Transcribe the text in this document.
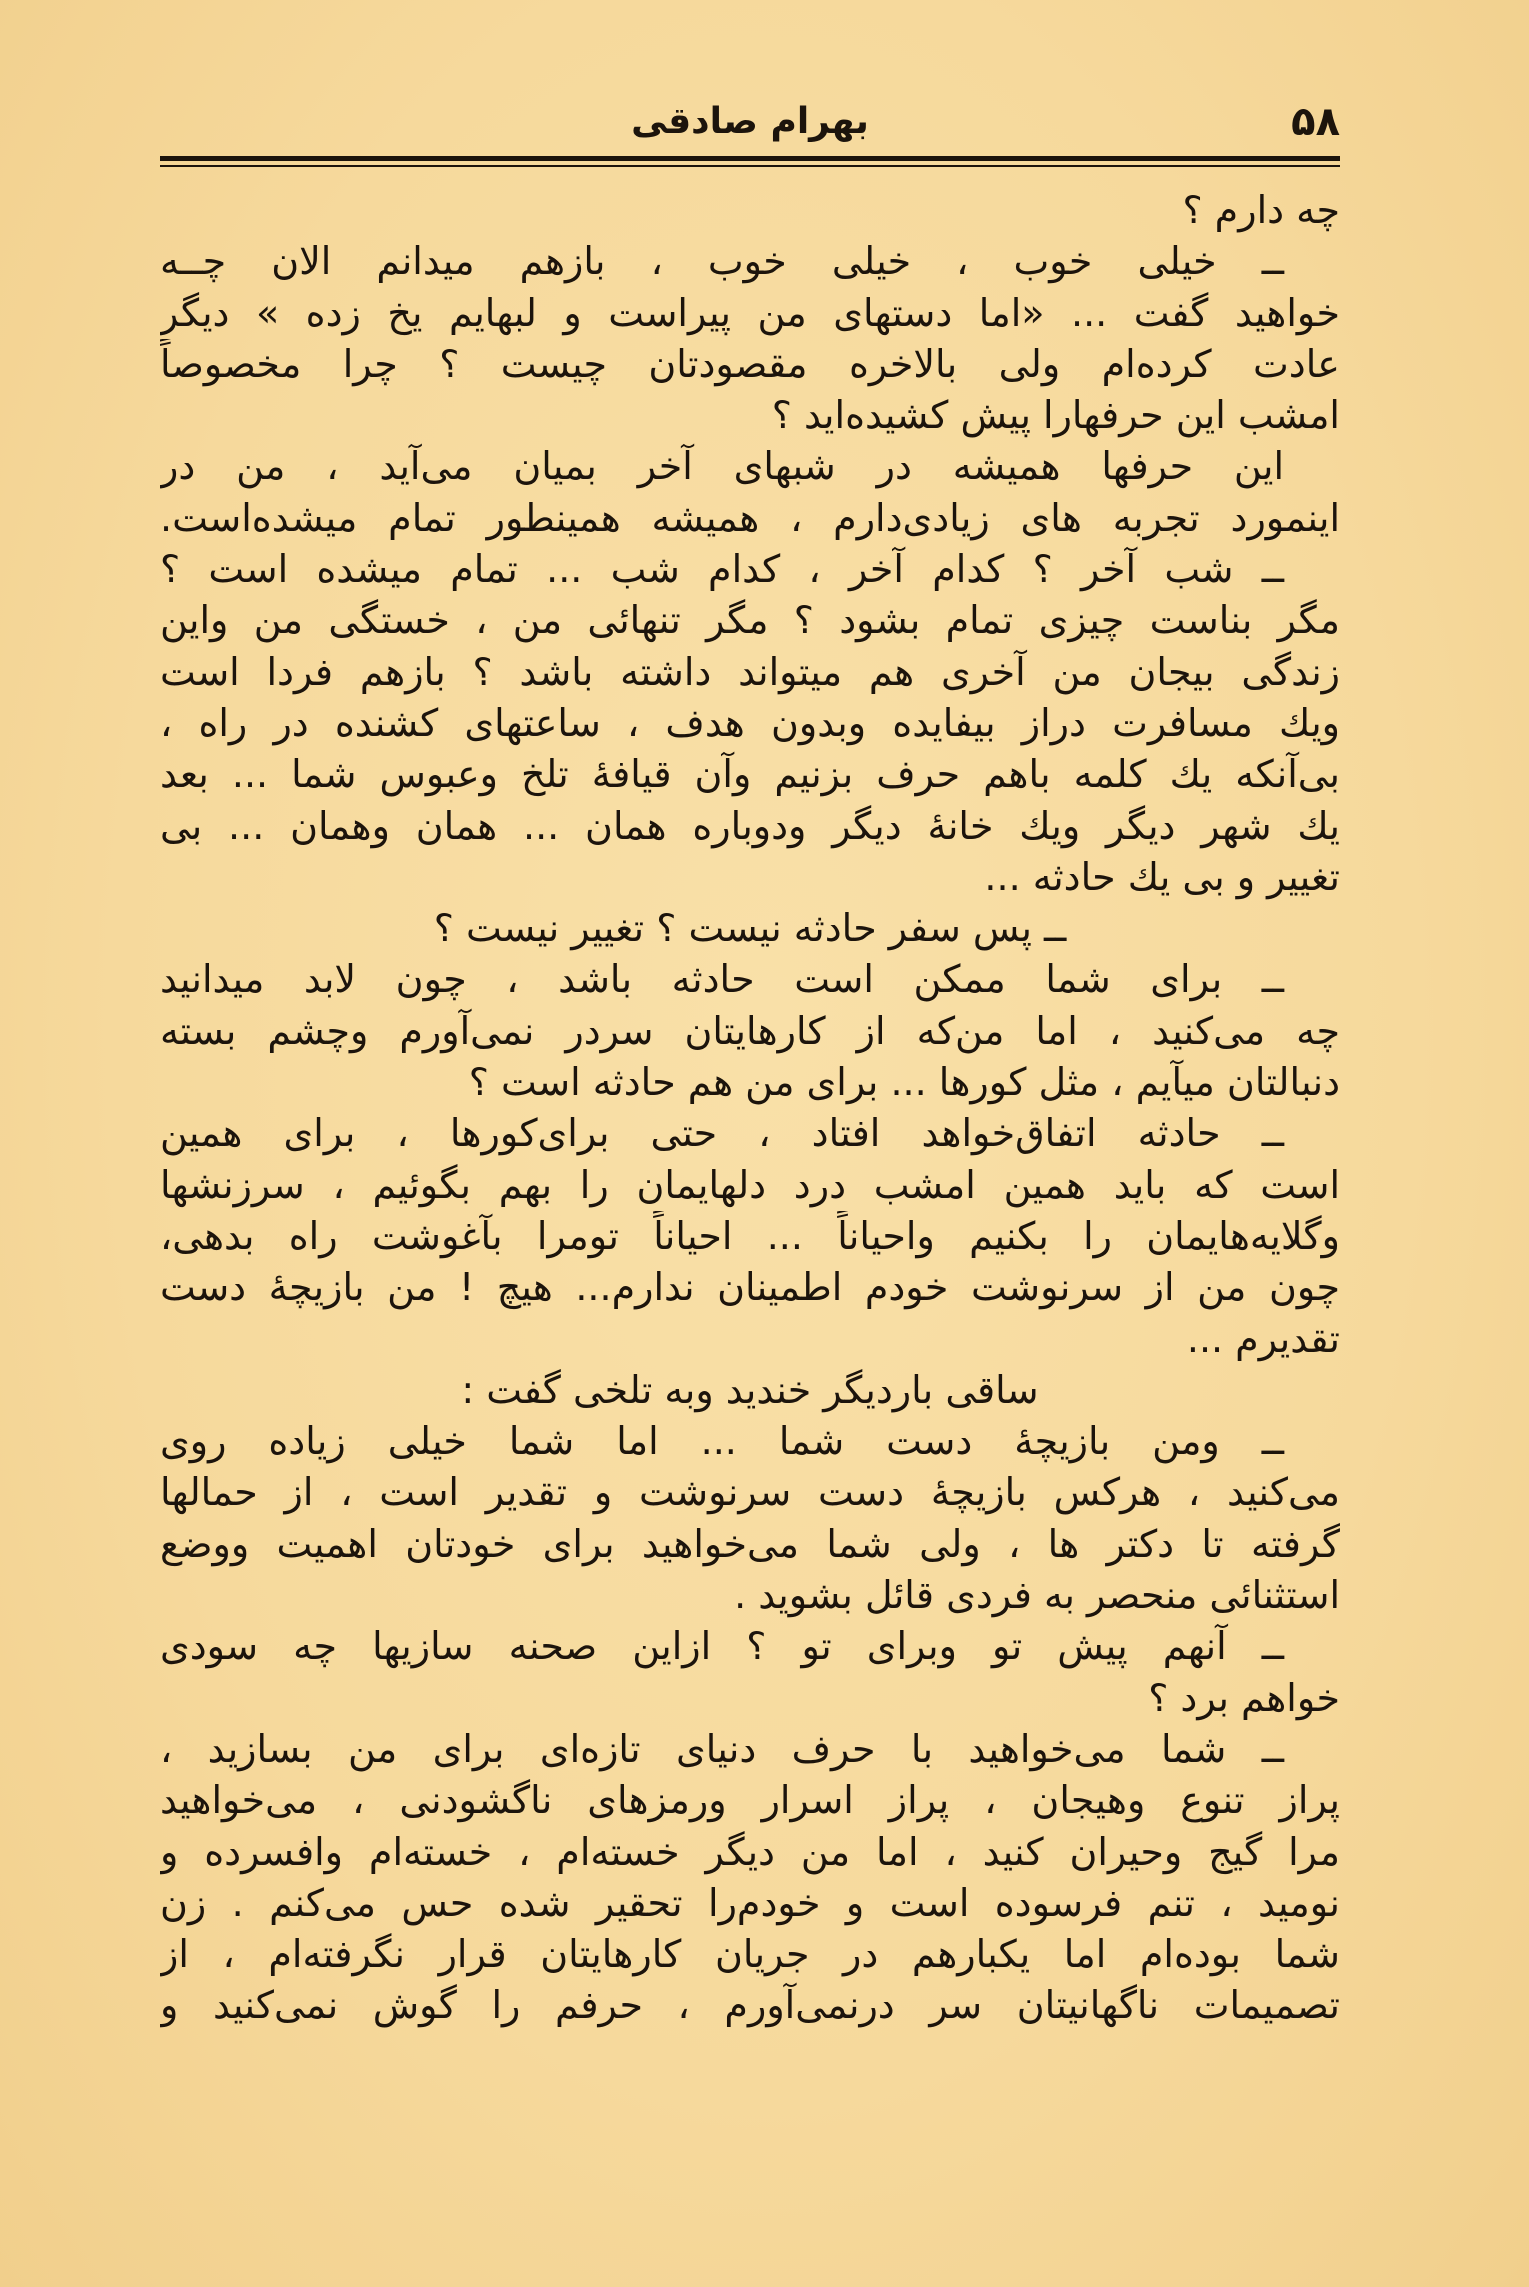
۵۸
بهرام صادقی
چه دارم ؟
ــ خیلی خوب ، خیلی خوب ، بازهم میدانم الان چــه
خواهید گفت ... «اما دستهای من پیراست و لبهایم یخ زده » دیگر
عادت کرده‌ام ولی بالاخره مقصودتان چیست ؟ چرا مخصوصاً
امشب این حرفهارا پیش کشیده‌اید ؟
این حرفها همیشه در شبهای آخر بمیان می‌آید ، من در
اینمورد تجربه های زیادی‌دارم ، همیشه همینطور تمام میشده‌است.
ــ شب آخر ؟ کدام آخر ، کدام شب ... تمام میشده است ؟
مگر بناست چیزی تمام بشود ؟ مگر تنهائی من ، خستگی من واین
زندگی بیجان من آخری هم میتواند داشته باشد ؟ بازهم فردا است
ویك مسافرت دراز بیفایده وبدون هدف ، ساعتهای کشنده در راه ،
بی‌آنکه یك کلمه باهم حرف بزنیم وآن قیافهٔ تلخ وعبوس شما ... بعد
یك شهر دیگر ویك خانهٔ دیگر ودوباره همان ... همان وهمان ... بی
تغییر و بی یك حادثه ...
ــ پس سفر حادثه نیست ؟ تغییر نیست ؟
ــ برای شما ممکن است حادثه باشد ، چون لابد میدانید
چه می‌کنید ، اما من‌که از کارهایتان سردر نمی‌آورم وچشم بسته
دنبالتان میآیم ، مثل کورها ... برای من هم حادثه است ؟
ــ حادثه اتفاق‌خواهد افتاد ، حتی برای‌کورها ، برای همین
است که باید همین امشب درد دلهایمان را بهم بگوئیم ، سرزنشها
وگلایه‌هایمان را بکنیم واحیاناً ... احیاناً تومرا بآغوشت راه بدهی،
چون من از سرنوشت خودم اطمینان ندارم... هیچ ! من بازیچهٔ دست
تقدیرم ...
ساقی باردیگر خندید وبه تلخی گفت :
ــ ومن بازیچهٔ دست شما ... اما شما خیلی زیاده روی
می‌کنید ، هرکس بازیچهٔ دست سرنوشت و تقدیر است ، از حمالها
گرفته تا دکتر ها ، ولی شما می‌خواهید برای خودتان اهمیت ووضع
استثنائی منحصر به فردی قائل بشوید .
ــ آنهم پیش تو وبرای تو ؟ ازاین صحنه سازیها چه سودی
خواهم برد ؟
ــ شما می‌خواهید با حرف دنیای تازه‌ای برای من بسازید ،
پراز تنوع وهیجان ، پراز اسرار ورمزهای ناگشودنی ، می‌خواهید
مرا گیج وحیران کنید ، اما من دیگر خسته‌ام ، خسته‌ام وافسرده و
نومید ، تنم فرسوده است و خودم‌را تحقیر شده حس می‌کنم . زن
شما بوده‌ام اما یکبارهم در جریان کارهایتان قرار نگرفته‌ام ، از
تصمیمات ناگهانیتان سر درنمی‌آورم ، حرفم را گوش نمی‌کنید و
